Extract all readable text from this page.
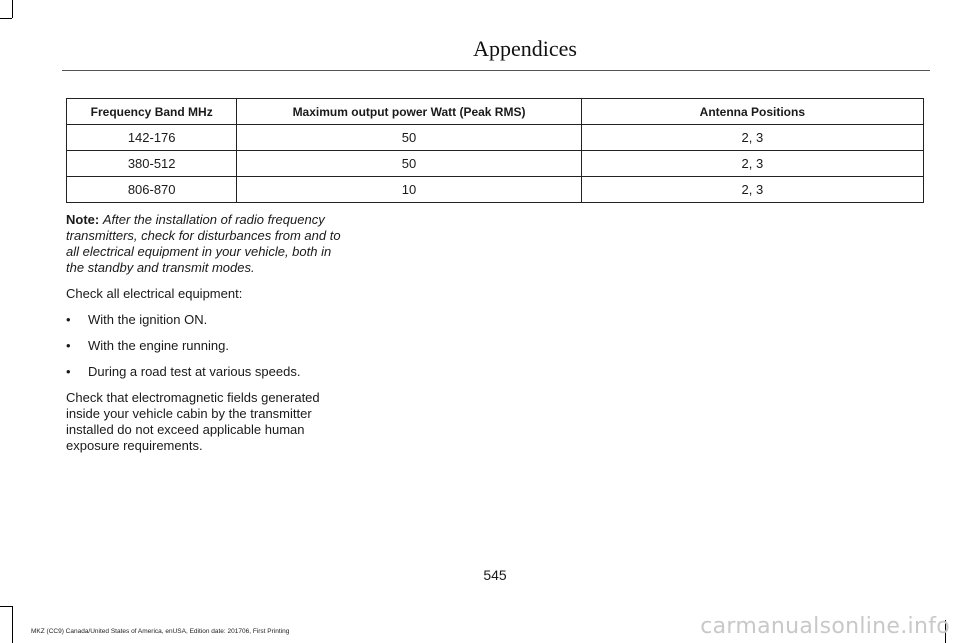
Appendices
Frequency Band MHz	Maximum output power Watt (Peak RMS)	Antenna Positions
142-176	50	2, 3
380-512	50	2, 3
806-870	10	2, 3

Note: After the installation of radio frequency transmitters, check for disturbances from and to all electrical equipment in your vehicle, both in the standby and transmit modes.

Check all electrical equipment:

• With the ignition ON.
• With the engine running.
• During a road test at various speeds.

Check that electromagnetic fields generated inside your vehicle cabin by the transmitter installed do not exceed applicable human exposure requirements.

545
MKZ (CC9) Canada/United States of America, enUSA, Edition date: 201706, First Printing	carmanualsonline.info
